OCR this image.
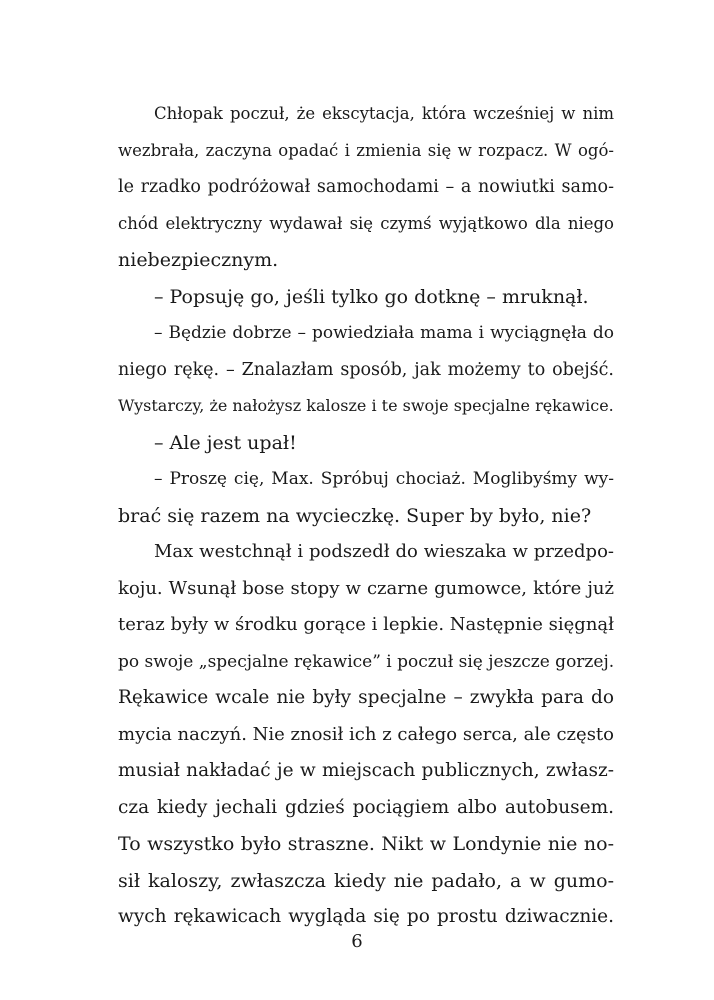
Chłopak poczuł, że ekscytacja, która wcześniej w nim
wezbrała, zaczyna opadać i zmienia się w rozpacz. W ogó-
le rzadko podróżował samochodami – a nowiutki samo-
chód elektryczny wydawał się czymś wyjątkowo dla niego
niebezpiecznym.
– Popsuję go, jeśli tylko go dotknę – mruknął.
– Będzie dobrze – powiedziała mama i wyciągnęła do
niego rękę. – Znalazłam sposób, jak możemy to obejść.
Wystarczy, że nałożysz kalosze i te swoje specjalne rękawice.
– Ale jest upał!
– Proszę cię, Max. Spróbuj chociaż. Moglibyśmy wy-
brać się razem na wycieczkę. Super by było, nie?
Max westchnął i podszedł do wieszaka w przedpo-
koju. Wsunął bose stopy w czarne gumowce, które już
teraz były w środku gorące i lepkie. Następnie sięgnął
po swoje „specjalne rękawice” i poczuł się jeszcze gorzej.
Rękawice wcale nie były specjalne – zwykła para do
mycia naczyń. Nie znosił ich z całego serca, ale często
musiał nakładać je w miejscach publicznych, zwłasz-
cza kiedy jechali gdzieś pociągiem albo autobusem.
To wszystko było straszne. Nikt w Londynie nie no-
sił kaloszy, zwłaszcza kiedy nie padało, a w gumo-
wych rękawicach wygląda się po prostu dziwacznie.
6
